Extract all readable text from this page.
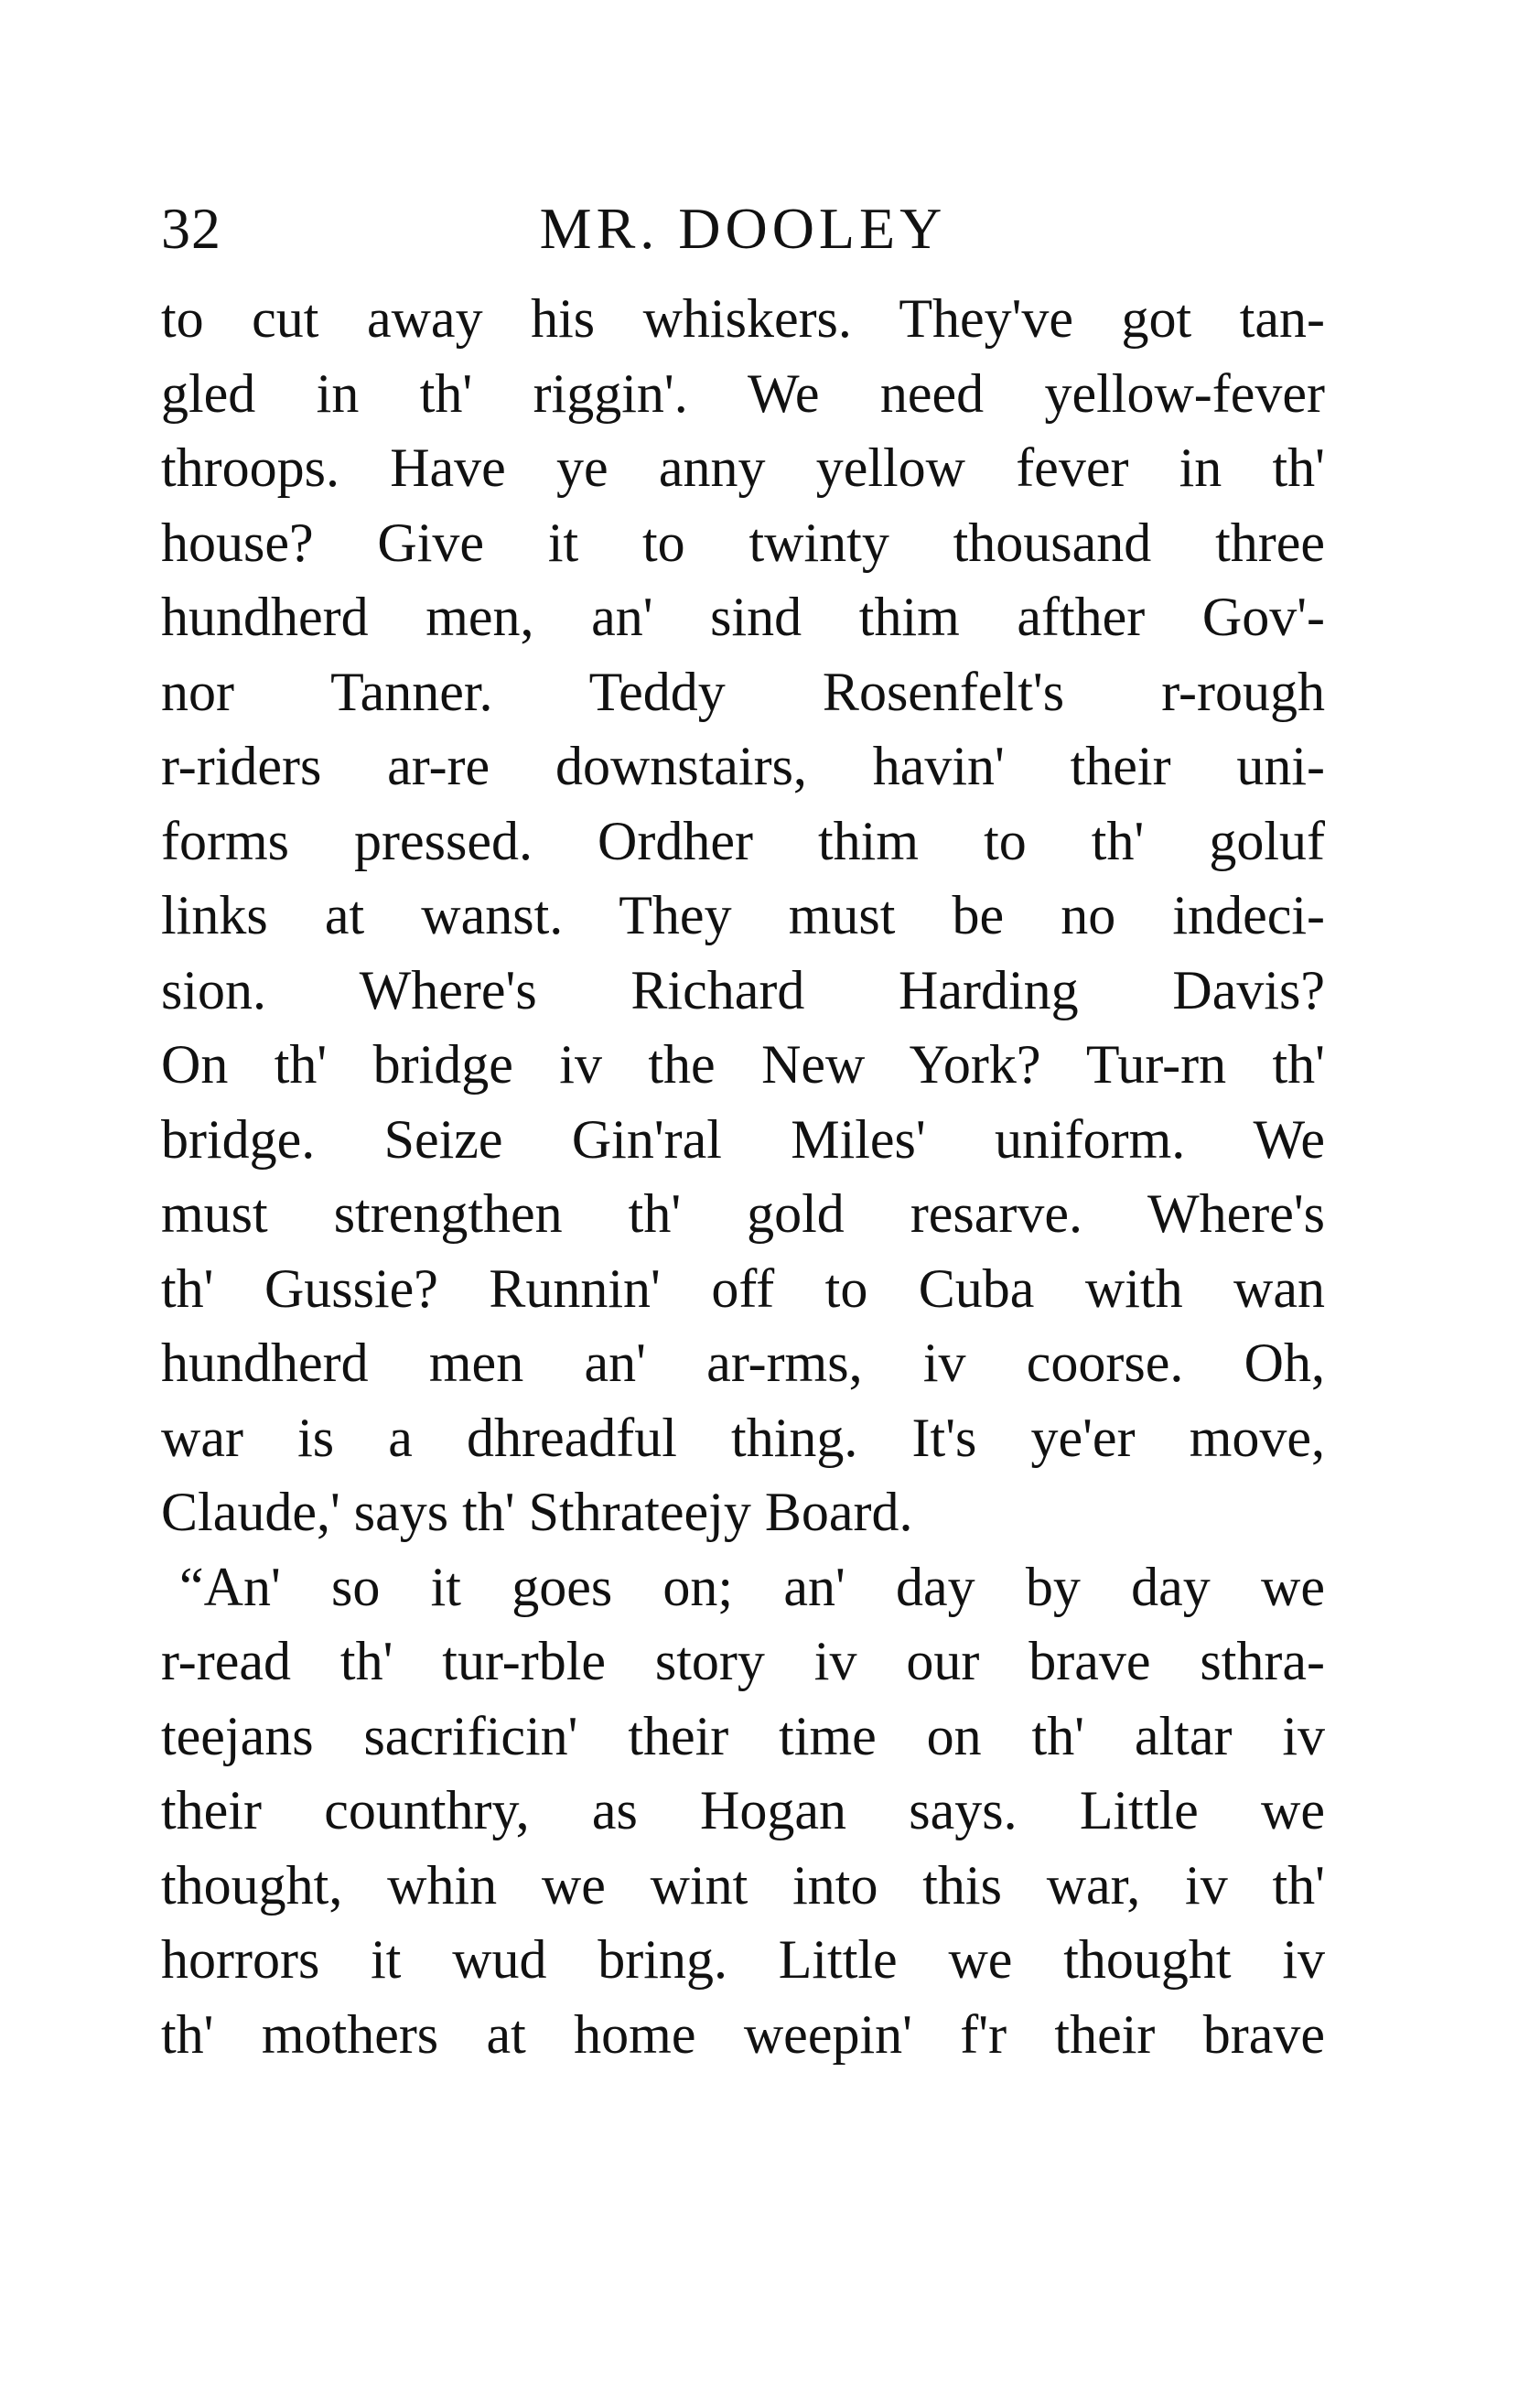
32	MR. DOOLEY
to cut away his whiskers. They've got tan-
gled in th' riggin'. We need yellow-fever
throops. Have ye anny yellow fever in th'
house? Give it to twinty thousand three
hundherd men, an' sind thim afther Gov'-
nor Tanner. Teddy Rosenfelt's r-rough
r-riders ar-re downstairs, havin' their uni-
forms pressed. Ordher thim to th' goluf
links at wanst. They must be no indeci-
sion. Where's Richard Harding Davis?
On th' bridge iv the New York? Tur-rn th'
bridge. Seize Gin'ral Miles' uniform. We
must strengthen th' gold resarve. Where's
th' Gussie? Runnin' off to Cuba with wan
hundherd men an' ar-rms, iv coorse. Oh,
war is a dhreadful thing. It's ye'er move,
Claude,' says th' Sthrateejy Board.
“An' so it goes on; an' day by day we
r-read th' tur-rble story iv our brave sthra-
teejans sacrificin' their time on th' altar iv
their counthry, as Hogan says. Little we
thought, whin we wint into this war, iv th'
horrors it wud bring. Little we thought iv
th' mothers at home weepin' f'r their brave
